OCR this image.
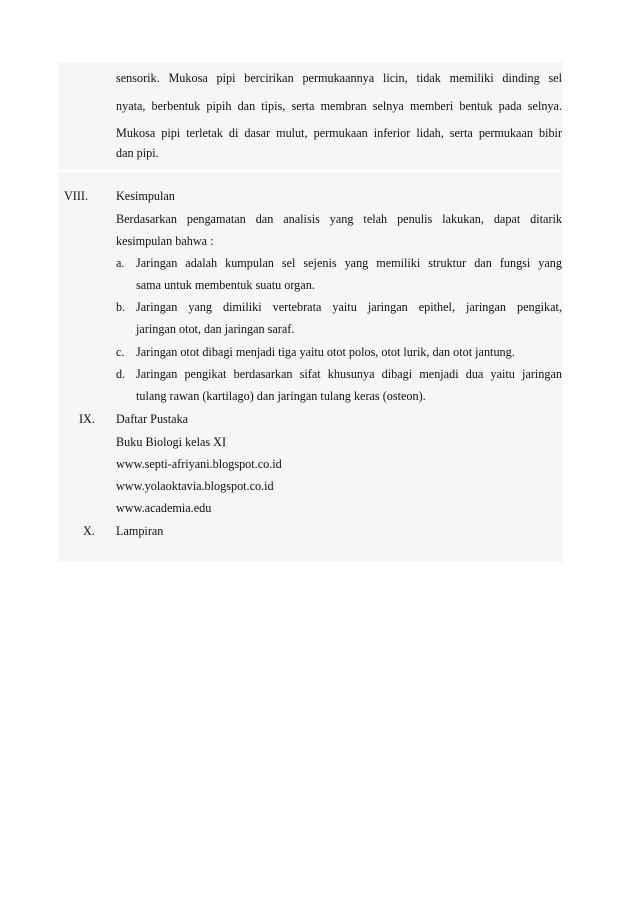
sensorik. Mukosa pipi bercirikan permukaannya licin, tidak memiliki dinding sel
nyata, berbentuk pipih dan tipis, serta membran selnya memberi bentuk pada selnya.
Mukosa pipi terletak di dasar mulut, permukaan inferior lidah, serta permukaan bibir
dan pipi.
VIII. Kesimpulan
Berdasarkan pengamatan dan analisis yang telah penulis lakukan, dapat ditarik
kesimpulan bahwa :
a. Jaringan adalah kumpulan sel sejenis yang memiliki struktur dan fungsi yang
sama untuk membentuk suatu organ.
b. Jaringan yang dimiliki vertebrata yaitu jaringan epithel, jaringan pengikat,
jaringan otot, dan jaringan saraf.
c. Jaringan otot dibagi menjadi tiga yaitu otot polos, otot lurik, dan otot jantung.
d. Jaringan pengikat berdasarkan sifat khusunya dibagi menjadi dua yaitu jaringan
tulang rawan (kartilago) dan jaringan tulang keras (osteon).
IX. Daftar Pustaka
Buku Biologi kelas XI
www.septi-afriyani.blogspot.co.id
www.yolaoktavia.blogspot.co.id
www.academia.edu
X. Lampiran
